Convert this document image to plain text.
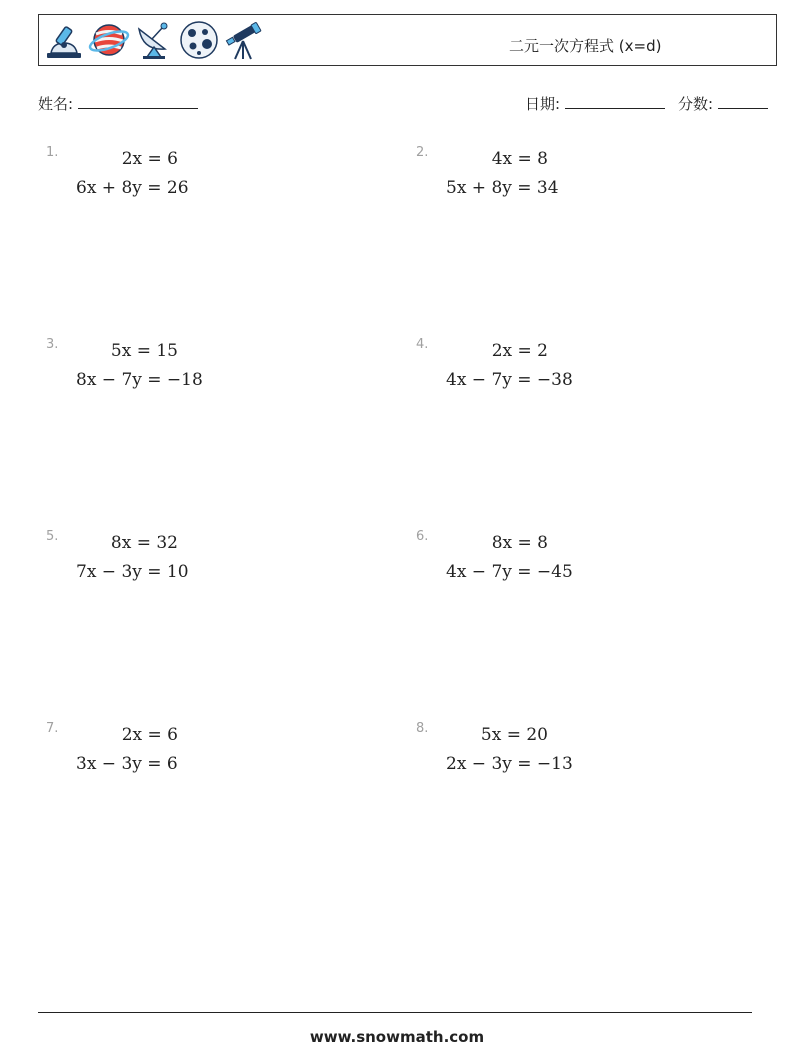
二元一次方程式 (x=d)
姓名:	日期:	分数:
1.	2x = 6
6x + 8y = 26
2.	4x = 8
5x + 8y = 34
3.	5x = 15
8x − 7y = −18
4.	2x = 2
4x − 7y = −38
5.	8x = 32
7x − 3y = 10
6.	8x = 8
4x − 7y = −45
7.	2x = 6
3x − 3y = 6
8.	5x = 20
2x − 3y = −13
www.snowmath.com
